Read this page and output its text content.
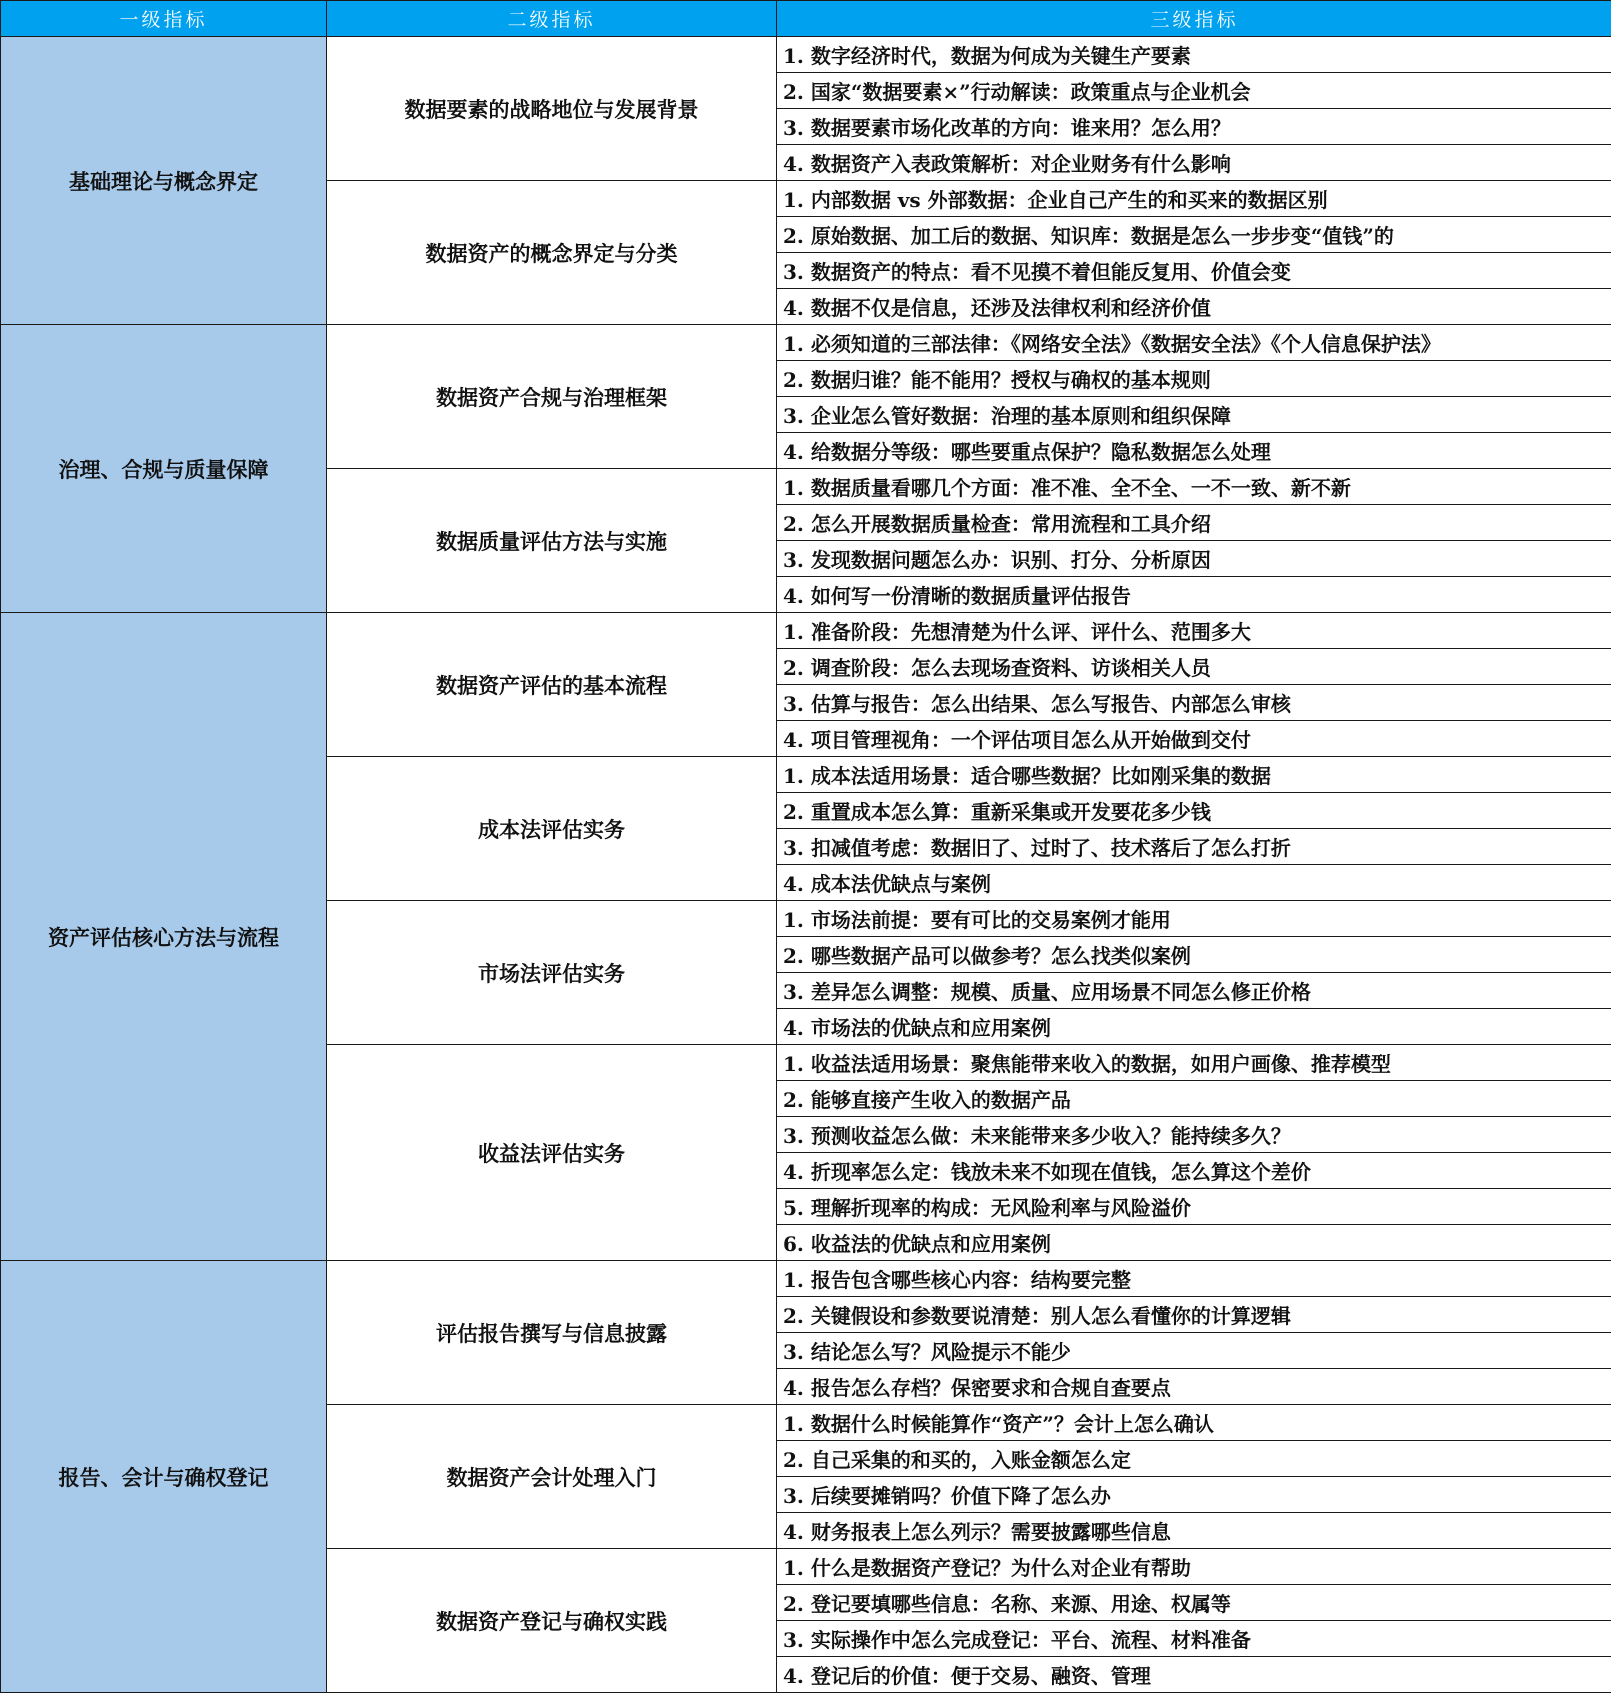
一级指标	二级指标	三级指标
基础理论与概念界定	数据要素的战略地位与发展背景	1. 数字经济时代，数据为何成为关键生产要素
		2. 国家“数据要素×”行动解读：政策重点与企业机会
		3. 数据要素市场化改革的方向：谁来用？怎么用？
		4. 数据资产入表政策解析：对企业财务有什么影响
	数据资产的概念界定与分类	1. 内部数据 vs 外部数据：企业自己产生的和买来的数据区别
		2. 原始数据、加工后的数据、知识库：数据是怎么一步步变“值钱”的
		3. 数据资产的特点：看不见摸不着但能反复用、价值会变
		4. 数据不仅是信息，还涉及法律权利和经济价值
治理、合规与质量保障	数据资产合规与治理框架	1. 必须知道的三部法律：《网络安全法》《数据安全法》《个人信息保护法》
		2. 数据归谁？能不能用？授权与确权的基本规则
		3. 企业怎么管好数据：治理的基本原则和组织保障
		4. 给数据分等级：哪些要重点保护？隐私数据怎么处理
	数据质量评估方法与实施	1. 数据质量看哪几个方面：准不准、全不全、一不一致、新不新
		2. 怎么开展数据质量检查：常用流程和工具介绍
		3. 发现数据问题怎么办：识别、打分、分析原因
		4. 如何写一份清晰的数据质量评估报告
资产评估核心方法与流程	数据资产评估的基本流程	1. 准备阶段：先想清楚为什么评、评什么、范围多大
		2. 调查阶段：怎么去现场查资料、访谈相关人员
		3. 估算与报告：怎么出结果、怎么写报告、内部怎么审核
		4. 项目管理视角：一个评估项目怎么从开始做到交付
	成本法评估实务	1. 成本法适用场景：适合哪些数据？比如刚采集的数据
		2. 重置成本怎么算：重新采集或开发要花多少钱
		3. 扣减值考虑：数据旧了、过时了、技术落后了怎么打折
		4. 成本法优缺点与案例
	市场法评估实务	1. 市场法前提：要有可比的交易案例才能用
		2. 哪些数据产品可以做参考？怎么找类似案例
		3. 差异怎么调整：规模、质量、应用场景不同怎么修正价格
		4. 市场法的优缺点和应用案例
	收益法评估实务	1. 收益法适用场景：聚焦能带来收入的数据，如用户画像、推荐模型
		2. 能够直接产生收入的数据产品
		3. 预测收益怎么做：未来能带来多少收入？能持续多久？
		4. 折现率怎么定：钱放未来不如现在值钱，怎么算这个差价
		5. 理解折现率的构成：无风险利率与风险溢价
		6. 收益法的优缺点和应用案例
报告、会计与确权登记	评估报告撰写与信息披露	1. 报告包含哪些核心内容：结构要完整
		2. 关键假设和参数要说清楚：别人怎么看懂你的计算逻辑
		3. 结论怎么写？风险提示不能少
		4. 报告怎么存档？保密要求和合规自查要点
	数据资产会计处理入门	1. 数据什么时候能算作“资产”？会计上怎么确认
		2. 自己采集的和买的，入账金额怎么定
		3. 后续要摊销吗？价值下降了怎么办
		4. 财务报表上怎么列示？需要披露哪些信息
	数据资产登记与确权实践	1. 什么是数据资产登记？为什么对企业有帮助
		2. 登记要填哪些信息：名称、来源、用途、权属等
		3. 实际操作中怎么完成登记：平台、流程、材料准备
		4. 登记后的价值：便于交易、融资、管理
